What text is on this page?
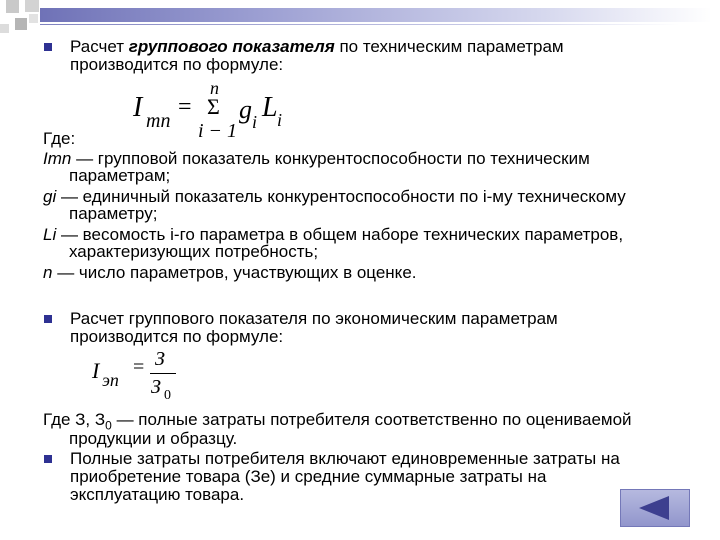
Расчет группового показателя по техническим параметрам

производится по формуле:

I mn
=
n
Σ
i − 1
g i L i

Где:

Imn — групповой показатель конкурентоспособности по техническим

параметрам;

gi — единичный показатель конкурентоспособности по i-му техническому

параметру;

Li — весомость i-го параметра в общем наборе технических параметров,

характеризующих потребность;

n — число параметров, участвующих в оценке.

Расчет группового показателя по экономическим параметрам

производится по формуле:

I эп
= З
З 0

Где З, $З_0$ — полные затраты потребителя соответственно по оцениваемой

продукции и образцу.

Полные затраты потребителя включают единовременные затраты на

приобретение товара (Зе) и средние суммарные затраты на

эксплуатацию товара.
